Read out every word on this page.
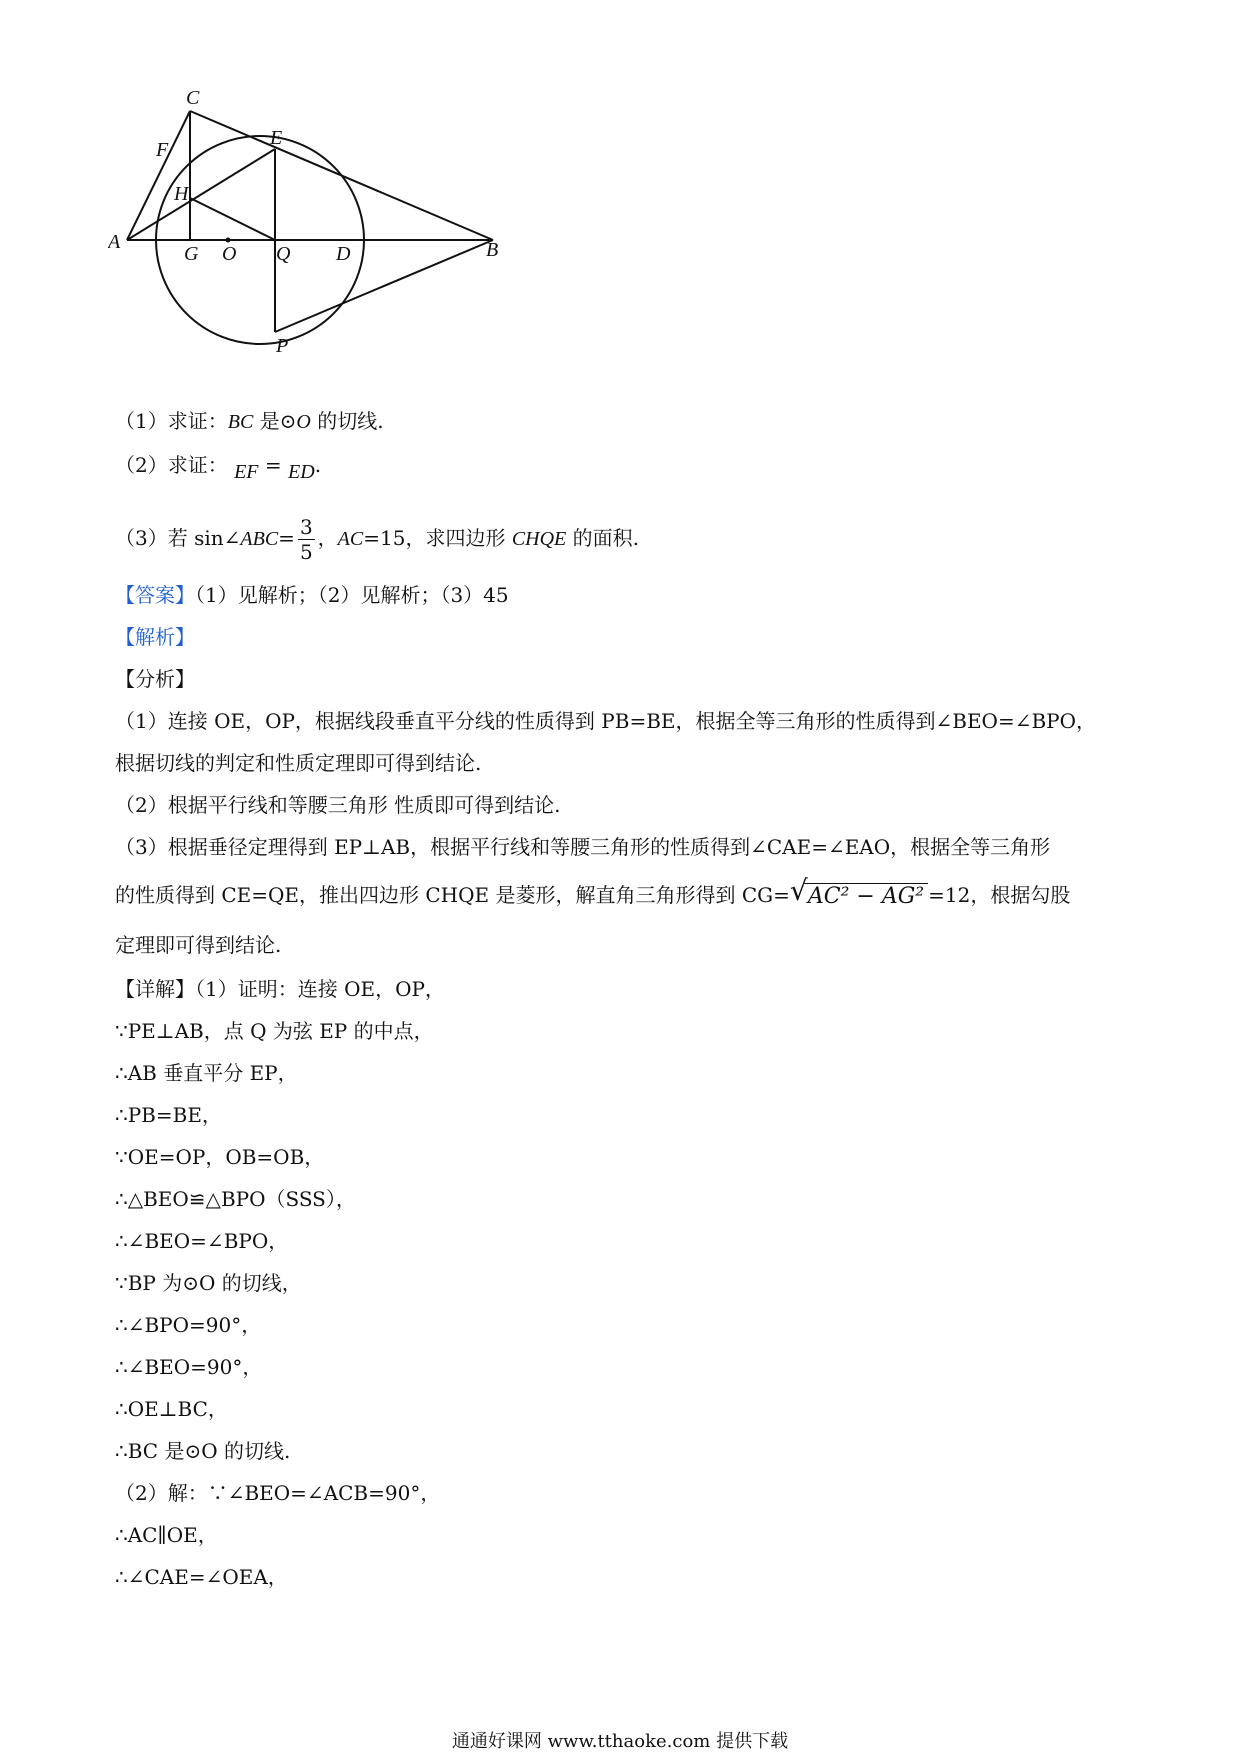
C
F
E
H
A
G O Q D	B
P
（1）求证：BC 是⊙O 的切线.
（2）求证： EF = ED.
（3）若 sin∠ABC= $\frac{3}{5}$ ，AC=15，求四边形 CHQE 的面积.
【答案】（1）见解析；（2）见解析；（3）45
【解析】
【分析】
（1）连接 OE，OP，根据线段垂直平分线的性质得到 PB=BE，根据全等三角形的性质得到∠BEO=∠BPO，
根据切线的判定和性质定理即可得到结论.
（2）根据平行线和等腰三角形 性质即可得到结论.
（3）根据垂径定理得到 EP⊥AB，根据平行线和等腰三角形的性质得到∠CAE=∠EAO，根据全等三角形
的性质得到 CE=QE，推出四边形 CHQE 是菱形，解直角三角形得到 CG= √ AC² − AG² =12，根据勾股
定理即可得到结论.
【详解】（1）证明：连接 OE，OP，
∵PE⊥AB，点 Q 为弦 EP 的中点，
∴AB 垂直平分 EP，
∴PB=BE，
∵OE=OP，OB=OB，
∴△BEO≌△BPO（SSS），
∴∠BEO=∠BPO，
∵BP 为⊙O 的切线，
∴∠BPO=90°，
∴∠BEO=90°，
∴OE⊥BC，
∴BC 是⊙O 的切线.
（2）解：∵∠BEO=∠ACB=90°，
∴AC∥OE，
∴∠CAE=∠OEA，
通通好课网 www.tthaoke.com 提供下载
